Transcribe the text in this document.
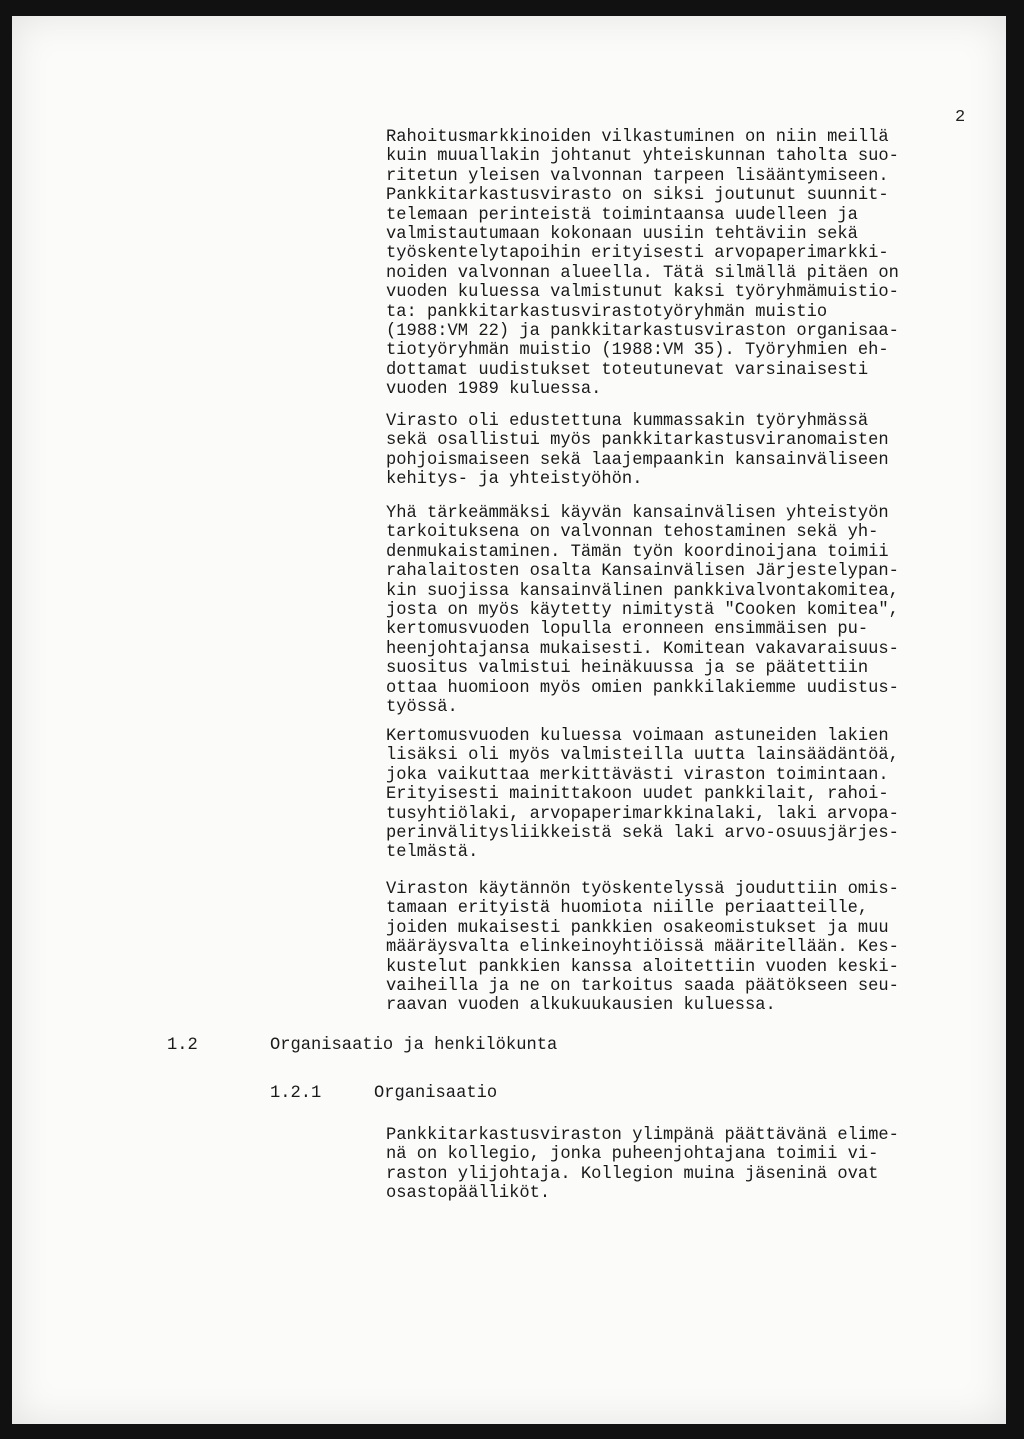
2
Rahoitusmarkkinoiden vilkastuminen on niin meillä
kuin muuallakin johtanut yhteiskunnan taholta suo-
ritetun yleisen valvonnan tarpeen lisääntymiseen.
Pankkitarkastusvirasto on siksi joutunut suunnit-
telemaan perinteistä toimintaansa uudelleen ja
valmistautumaan kokonaan uusiin tehtäviin sekä
työskentelytapoihin erityisesti arvopaperimarkki-
noiden valvonnan alueella. Tätä silmällä pitäen on
vuoden kuluessa valmistunut kaksi työryhmämuistio-
ta: pankkitarkastusvirastotyöryhmän muistio
(1988:VM 22) ja pankkitarkastusviraston organisaa-
tiotyöryhmän muistio (1988:VM 35). Työryhmien eh-
dottamat uudistukset toteutunevat varsinaisesti
vuoden 1989 kuluessa.
Virasto oli edustettuna kummassakin työryhmässä
sekä osallistui myös pankkitarkastusviranomaisten
pohjoismaiseen sekä laajempaankin kansainväliseen
kehitys- ja yhteistyöhön.
Yhä tärkeämmäksi käyvän kansainvälisen yhteistyön
tarkoituksena on valvonnan tehostaminen sekä yh-
denmukaistaminen. Tämän työn koordinoijana toimii
rahalaitosten osalta Kansainvälisen Järjestelypan-
kin suojissa kansainvälinen pankkivalvontakomitea,
josta on myös käytetty nimitystä "Cooken komitea",
kertomusvuoden lopulla eronneen ensimmäisen pu-
heenjohtajansa mukaisesti. Komitean vakavaraisuus-
suositus valmistui heinäkuussa ja se päätettiin
ottaa huomioon myös omien pankkilakiemme uudistus-
työssä.
Kertomusvuoden kuluessa voimaan astuneiden lakien
lisäksi oli myös valmisteilla uutta lainsäädäntöä,
joka vaikuttaa merkittävästi viraston toimintaan.
Erityisesti mainittakoon uudet pankkilait, rahoi-
tusyhtiölaki, arvopaperimarkkinalaki, laki arvopa-
perinvälitysliikkeistä sekä laki arvo-osuusjärjes-
telmästä.
Viraston käytännön työskentelyssä jouduttiin omis-
tamaan erityistä huomiota niille periaatteille,
joiden mukaisesti pankkien osakeomistukset ja muu
määräysvalta elinkeinoyhtiöissä määritellään. Kes-
kustelut pankkien kanssa aloitettiin vuoden keski-
vaiheilla ja ne on tarkoitus saada päätökseen seu-
raavan vuoden alkukuukausien kuluessa.
1.2	Organisaatio ja henkilökunta
1.2.1	Organisaatio
Pankkitarkastusviraston ylimpänä päättävänä elime-
nä on kollegio, jonka puheenjohtajana toimii vi-
raston ylijohtaja. Kollegion muina jäseninä ovat
osastopäälliköt.
